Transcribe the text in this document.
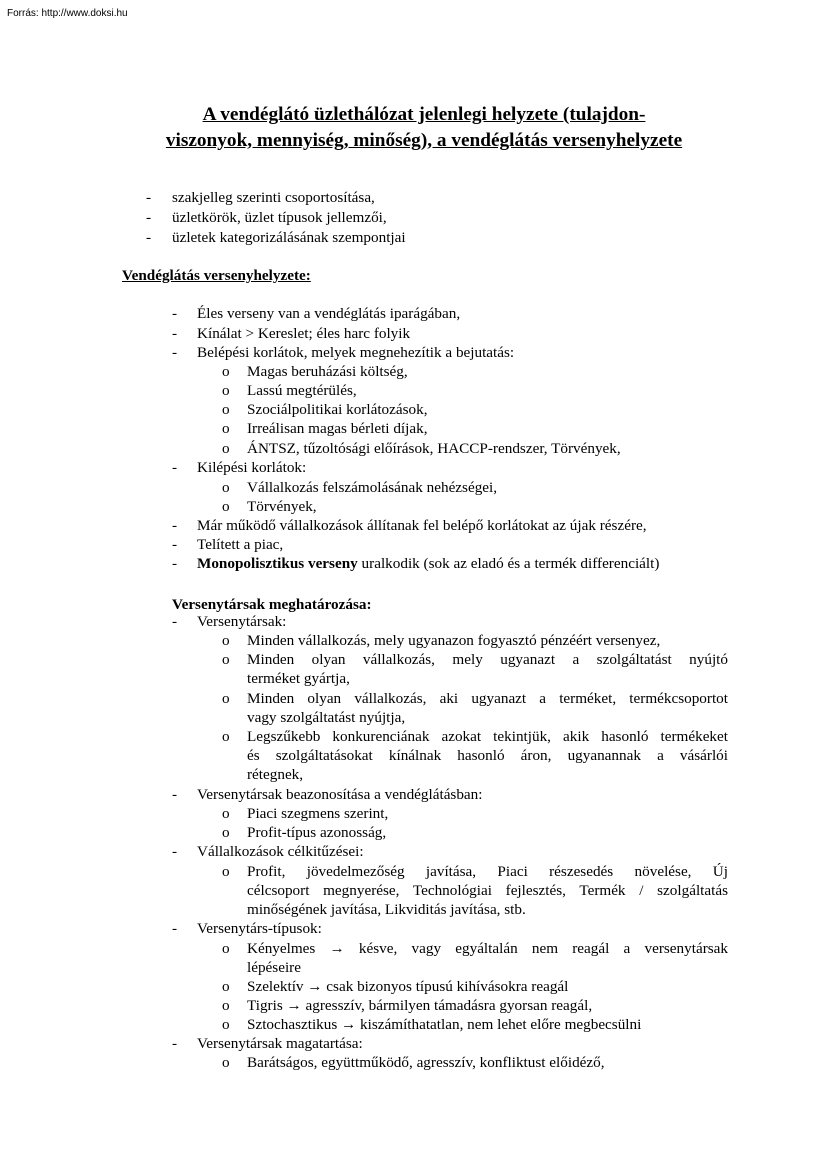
Forrás: http://www.doksi.hu
A vendéglátó üzlethálózat jelenlegi helyzete (tulajdon-
viszonyok, mennyiség, minőség), a vendéglátás versenyhelyzete
- szakjelleg szerinti csoportosítása,
- üzletkörök, üzlet típusok jellemzői,
- üzletek kategorizálásának szempontjai
Vendéglátás versenyhelyzete:
- Éles verseny van a vendéglátás iparágában,
- Kínálat > Kereslet; éles harc folyik
- Belépési korlátok, melyek megnehezítik a bejutatás:
o Magas beruházási költség,
o Lassú megtérülés,
o Szociálpolitikai korlátozások,
o Irreálisan magas bérleti díjak,
o ÁNTSZ, tűzoltósági előírások, HACCP-rendszer, Törvények,
- Kilépési korlátok:
o Vállalkozás felszámolásának nehézségei,
o Törvények,
- Már működő vállalkozások állítanak fel belépő korlátokat az újak részére,
- Telített a piac,
- Monopolisztikus verseny uralkodik (sok az eladó és a termék differenciált)
Versenytársak meghatározása:
- Versenytársak:
o Minden vállalkozás, mely ugyanazon fogyasztó pénzéért versenyez,
o Minden olyan vállalkozás, mely ugyanazt a szolgáltatást nyújtó
terméket gyártja,
o Minden olyan vállalkozás, aki ugyanazt a terméket, termékcsoportot
vagy szolgáltatást nyújtja,
o Legszűkebb konkurenciának azokat tekintjük, akik hasonló termékeket
és szolgáltatásokat kínálnak hasonló áron, ugyanannak a vásárlói
rétegnek,
- Versenytársak beazonosítása a vendéglátásban:
o Piaci szegmens szerint,
o Profit-típus azonosság,
- Vállalkozások célkitűzései:
o Profit, jövedelmezőség javítása, Piaci részesedés növelése, Új
célcsoport megnyerése, Technológiai fejlesztés, Termék / szolgáltatás
minőségének javítása, Likviditás javítása, stb.
- Versenytárs-típusok:
o Kényelmes → késve, vagy egyáltalán nem reagál a versenytársak
lépéseire
o Szelektív → csak bizonyos típusú kihívásokra reagál
o Tigris → agresszív, bármilyen támadásra gyorsan reagál,
o Sztochasztikus → kiszámíthatatlan, nem lehet előre megbecsülni
- Versenytársak magatartása:
o Barátságos, együttműködő, agresszív, konfliktust előidéző,
